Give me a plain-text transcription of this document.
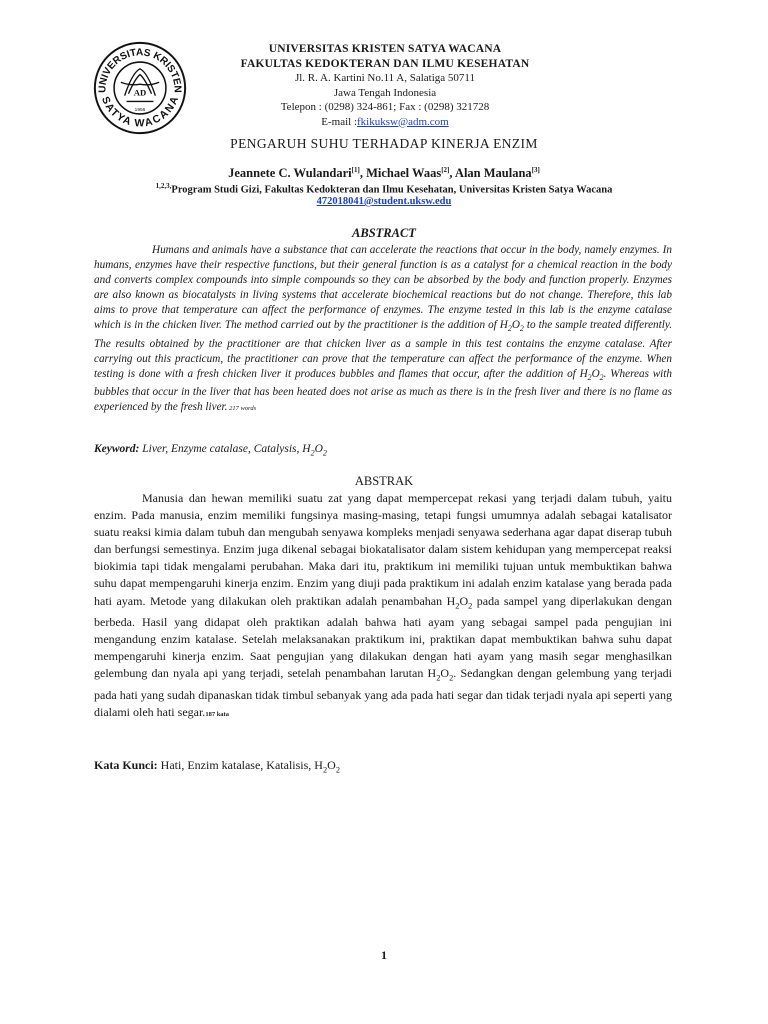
UNIVERSITAS KRISTEN
SATYA WACANA
AD
1956
UNIVERSITAS KRISTEN SATYA WACANA
FAKULTAS KEDOKTERAN DAN ILMU KESEHATAN
Jl. R. A. Kartini No.11 A, Salatiga 50711
Jawa Tengah Indonesia
Telepon : (0298) 324-861; Fax : (0298) 321728
E-mail :fkikuksw@adm.com
PENGARUH SUHU TERHADAP KINERJA ENZIM
Jeannete C. Wulandari[1], Michael Waas[2], Alan Maulana[3]
$^{1,2,3,}$Program Studi Gizi, Fakultas Kedokteran dan Ilmu Kesehatan, Universitas Kristen Satya Wacana
472018041@student.uksw.edu
ABSTRACT

Humans and animals have a substance that can accelerate the reactions that occur in the body, namely enzymes. In humans, enzymes have their respective functions, but their general function is as a catalyst for a chemical reaction in the body and converts complex compounds into simple compounds so they can be absorbed by the body and function properly. Enzymes are also known as biocatalysts in living systems that accelerate biochemical reactions but do not change. Therefore, this lab aims to prove that temperature can affect the performance of enzymes. The enzyme tested in this lab is the enzyme catalase which is in the chicken liver. The method carried out by the practitioner is the addition of $H_2O_2$ to the sample treated differently. The results obtained by the practitioner are that chicken liver as a sample in this test contains the enzyme catalase. After carrying out this practicum, the practitioner can prove that the temperature can affect the performance of the enzyme. When testing is done with a fresh chicken liver it produces bubbles and flames that occur, after the addition of $H_2O_2$. Whereas with bubbles that occur in the liver that has been heated does not arise as much as there is in the fresh liver and there is no flame as experienced by the fresh liver. 217 words

Keyword: Liver, Enzyme catalase, Catalysis, $H_2O_2$
ABSTRAK

Manusia dan hewan memiliki suatu zat yang dapat mempercepat rekasi yang terjadi dalam tubuh, yaitu enzim. Pada manusia, enzim memiliki fungsinya masing-masing, tetapi fungsi umumnya adalah sebagai katalisator suatu reaksi kimia dalam tubuh dan mengubah senyawa kompleks menjadi senyawa sederhana agar dapat diserap tubuh dan berfungsi semestinya. Enzim juga dikenal sebagai biokatalisator dalam sistem kehidupan yang mempercepat reaksi biokimia tapi tidak mengalami perubahan. Maka dari itu, praktikum ini memiliki tujuan untuk membuktikan bahwa suhu dapat mempengaruhi kinerja enzim. Enzim yang diuji pada praktikum ini adalah enzim katalase yang berada pada hati ayam. Metode yang dilakukan oleh praktikan adalah penambahan $H_2O_2$ pada sampel yang diperlakukan dengan berbeda. Hasil yang didapat oleh praktikan adalah bahwa hati ayam yang sebagai sampel pada pengujian ini mengandung enzim katalase. Setelah melaksanakan praktikum ini, praktikan dapat membuktikan bahwa suhu dapat mempengaruhi kinerja enzim. Saat pengujian yang dilakukan dengan hati ayam yang masih segar menghasilkan gelembung dan nyala api yang terjadi, setelah penambahan larutan $H_2O_2$. Sedangkan dengan gelembung yang terjadi pada hati yang sudah dipanaskan tidak timbul sebanyak yang ada pada hati segar dan tidak terjadi nyala api seperti yang dialami oleh hati segar.187 kata

Kata Kunci: Hati, Enzim katalase, Katalisis, $H_2O_2$
1
